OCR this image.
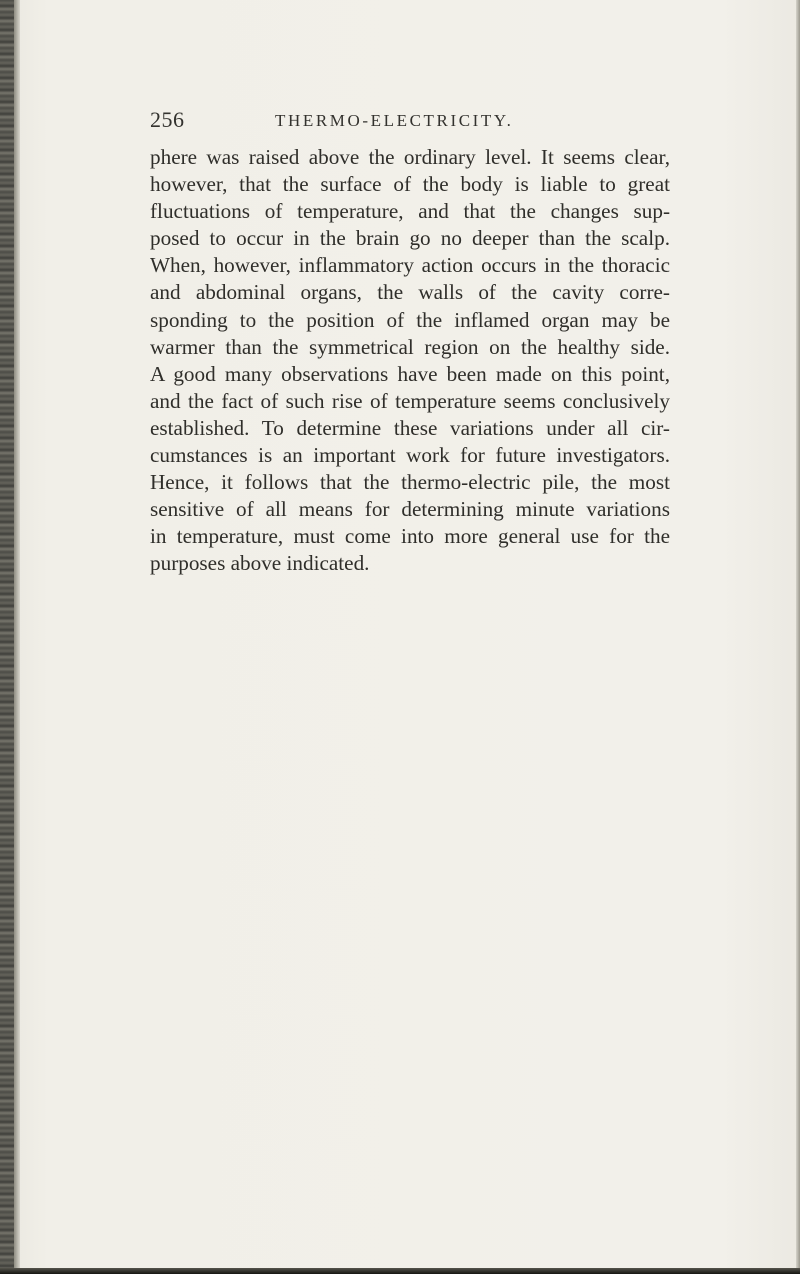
256	THERMO-ELECTRICITY.
phere was raised above the ordinary level. It seems clear,
however, that the surface of the body is liable to great
fluctuations of temperature, and that the changes sup-
posed to occur in the brain go no deeper than the scalp.
When, however, inflammatory action occurs in the thoracic
and abdominal organs, the walls of the cavity corre-
sponding to the position of the inflamed organ may be
warmer than the symmetrical region on the healthy side.
A good many observations have been made on this point,
and the fact of such rise of temperature seems conclusively
established. To determine these variations under all cir-
cumstances is an important work for future investigators.
Hence, it follows that the thermo-electric pile, the most
sensitive of all means for determining minute variations
in temperature, must come into more general use for the
purposes above indicated.
